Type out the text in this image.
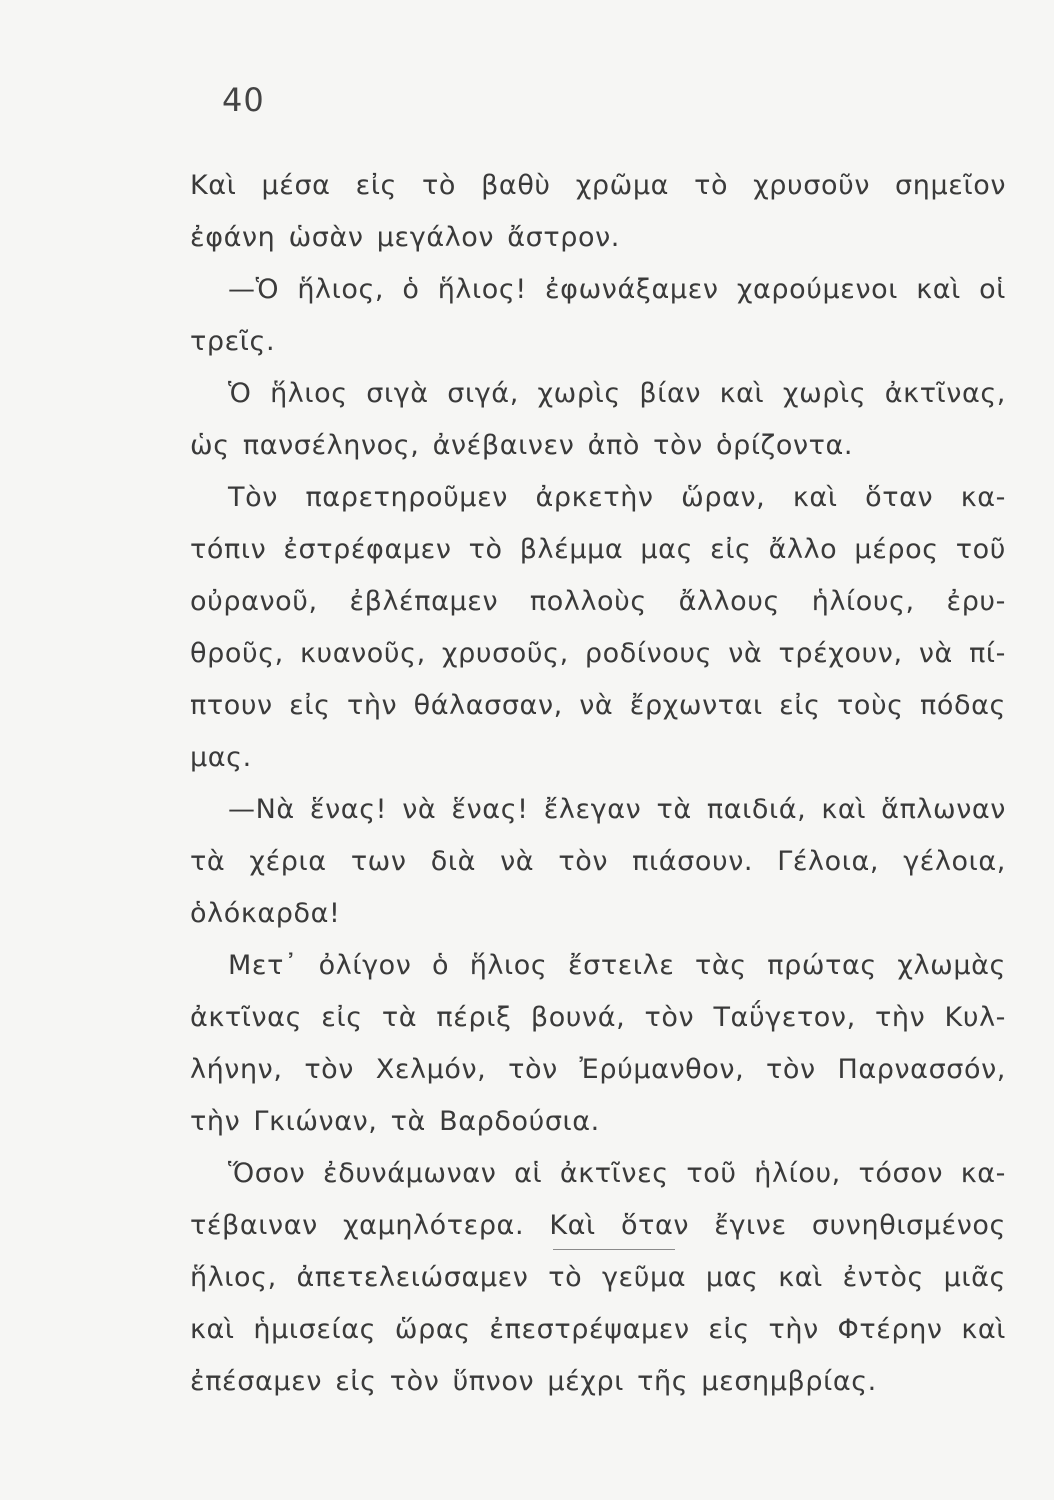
40
Καὶ μέσα εἰς τὸ βαθὺ χρῶμα τὸ χρυσοῦν σημεῖον
ἐφάνη ὡσὰν μεγάλον ἄστρον.
—Ὁ ἥλιος, ὁ ἥλιος! ἐφωνάξαμεν χαρούμενοι καὶ οἱ
τρεῖς.
Ὁ ἥλιος σιγὰ σιγά, χωρὶς βίαν καὶ χωρὶς ἀκτῖνας,
ὡς πανσέληνος, ἀνέβαινεν ἀπὸ τὸν ὁρίζοντα.
Τὸν παρετηροῦμεν ἀρκετὴν ὥραν, καὶ ὅταν κα-
τόπιν ἐστρέφαμεν τὸ βλέμμα μας εἰς ἄλλο μέρος τοῦ
οὐρανοῦ, ἐβλέπαμεν πολλοὺς ἄλλους ἡλίους, ἐρυ-
θροῦς, κυανοῦς, χρυσοῦς, ροδίνους νὰ τρέχουν, νὰ πί-
πτουν εἰς τὴν θάλασσαν, νὰ ἔρχωνται εἰς τοὺς πόδας
μας.
—Νὰ ἕνας! νὰ ἕνας! ἔλεγαν τὰ παιδιά, καὶ ἅπλωναν
τὰ χέρια των διὰ νὰ τὸν πιάσουν. Γέλοια, γέλοια,
ὁλόκαρδα!
Μετ᾽ ὀλίγον ὁ ἥλιος ἔστειλε τὰς πρώτας χλωμὰς
ἀκτῖνας εἰς τὰ πέριξ βουνά, τὸν Ταΰγετον, τὴν Κυλ-
λήνην, τὸν Χελμόν, τὸν Ἐρύμανθον, τὸν Παρνασσόν,
τὴν Γκιώναν, τὰ Βαρδούσια.
Ὅσον ἐδυνάμωναν αἱ ἀκτῖνες τοῦ ἡλίου, τόσον κα-
τέβαιναν χαμηλότερα. Καὶ ὅταν ἔγινε συνηθισμένος
ἥλιος, ἀπετελειώσαμεν τὸ γεῦμα μας καὶ ἐντὸς μιᾶς
καὶ ἡμισείας ὥρας ἐπεστρέψαμεν εἰς τὴν Φτέρην καὶ
ἐπέσαμεν εἰς τὸν ὕπνον μέχρι τῆς μεσημβρίας.
